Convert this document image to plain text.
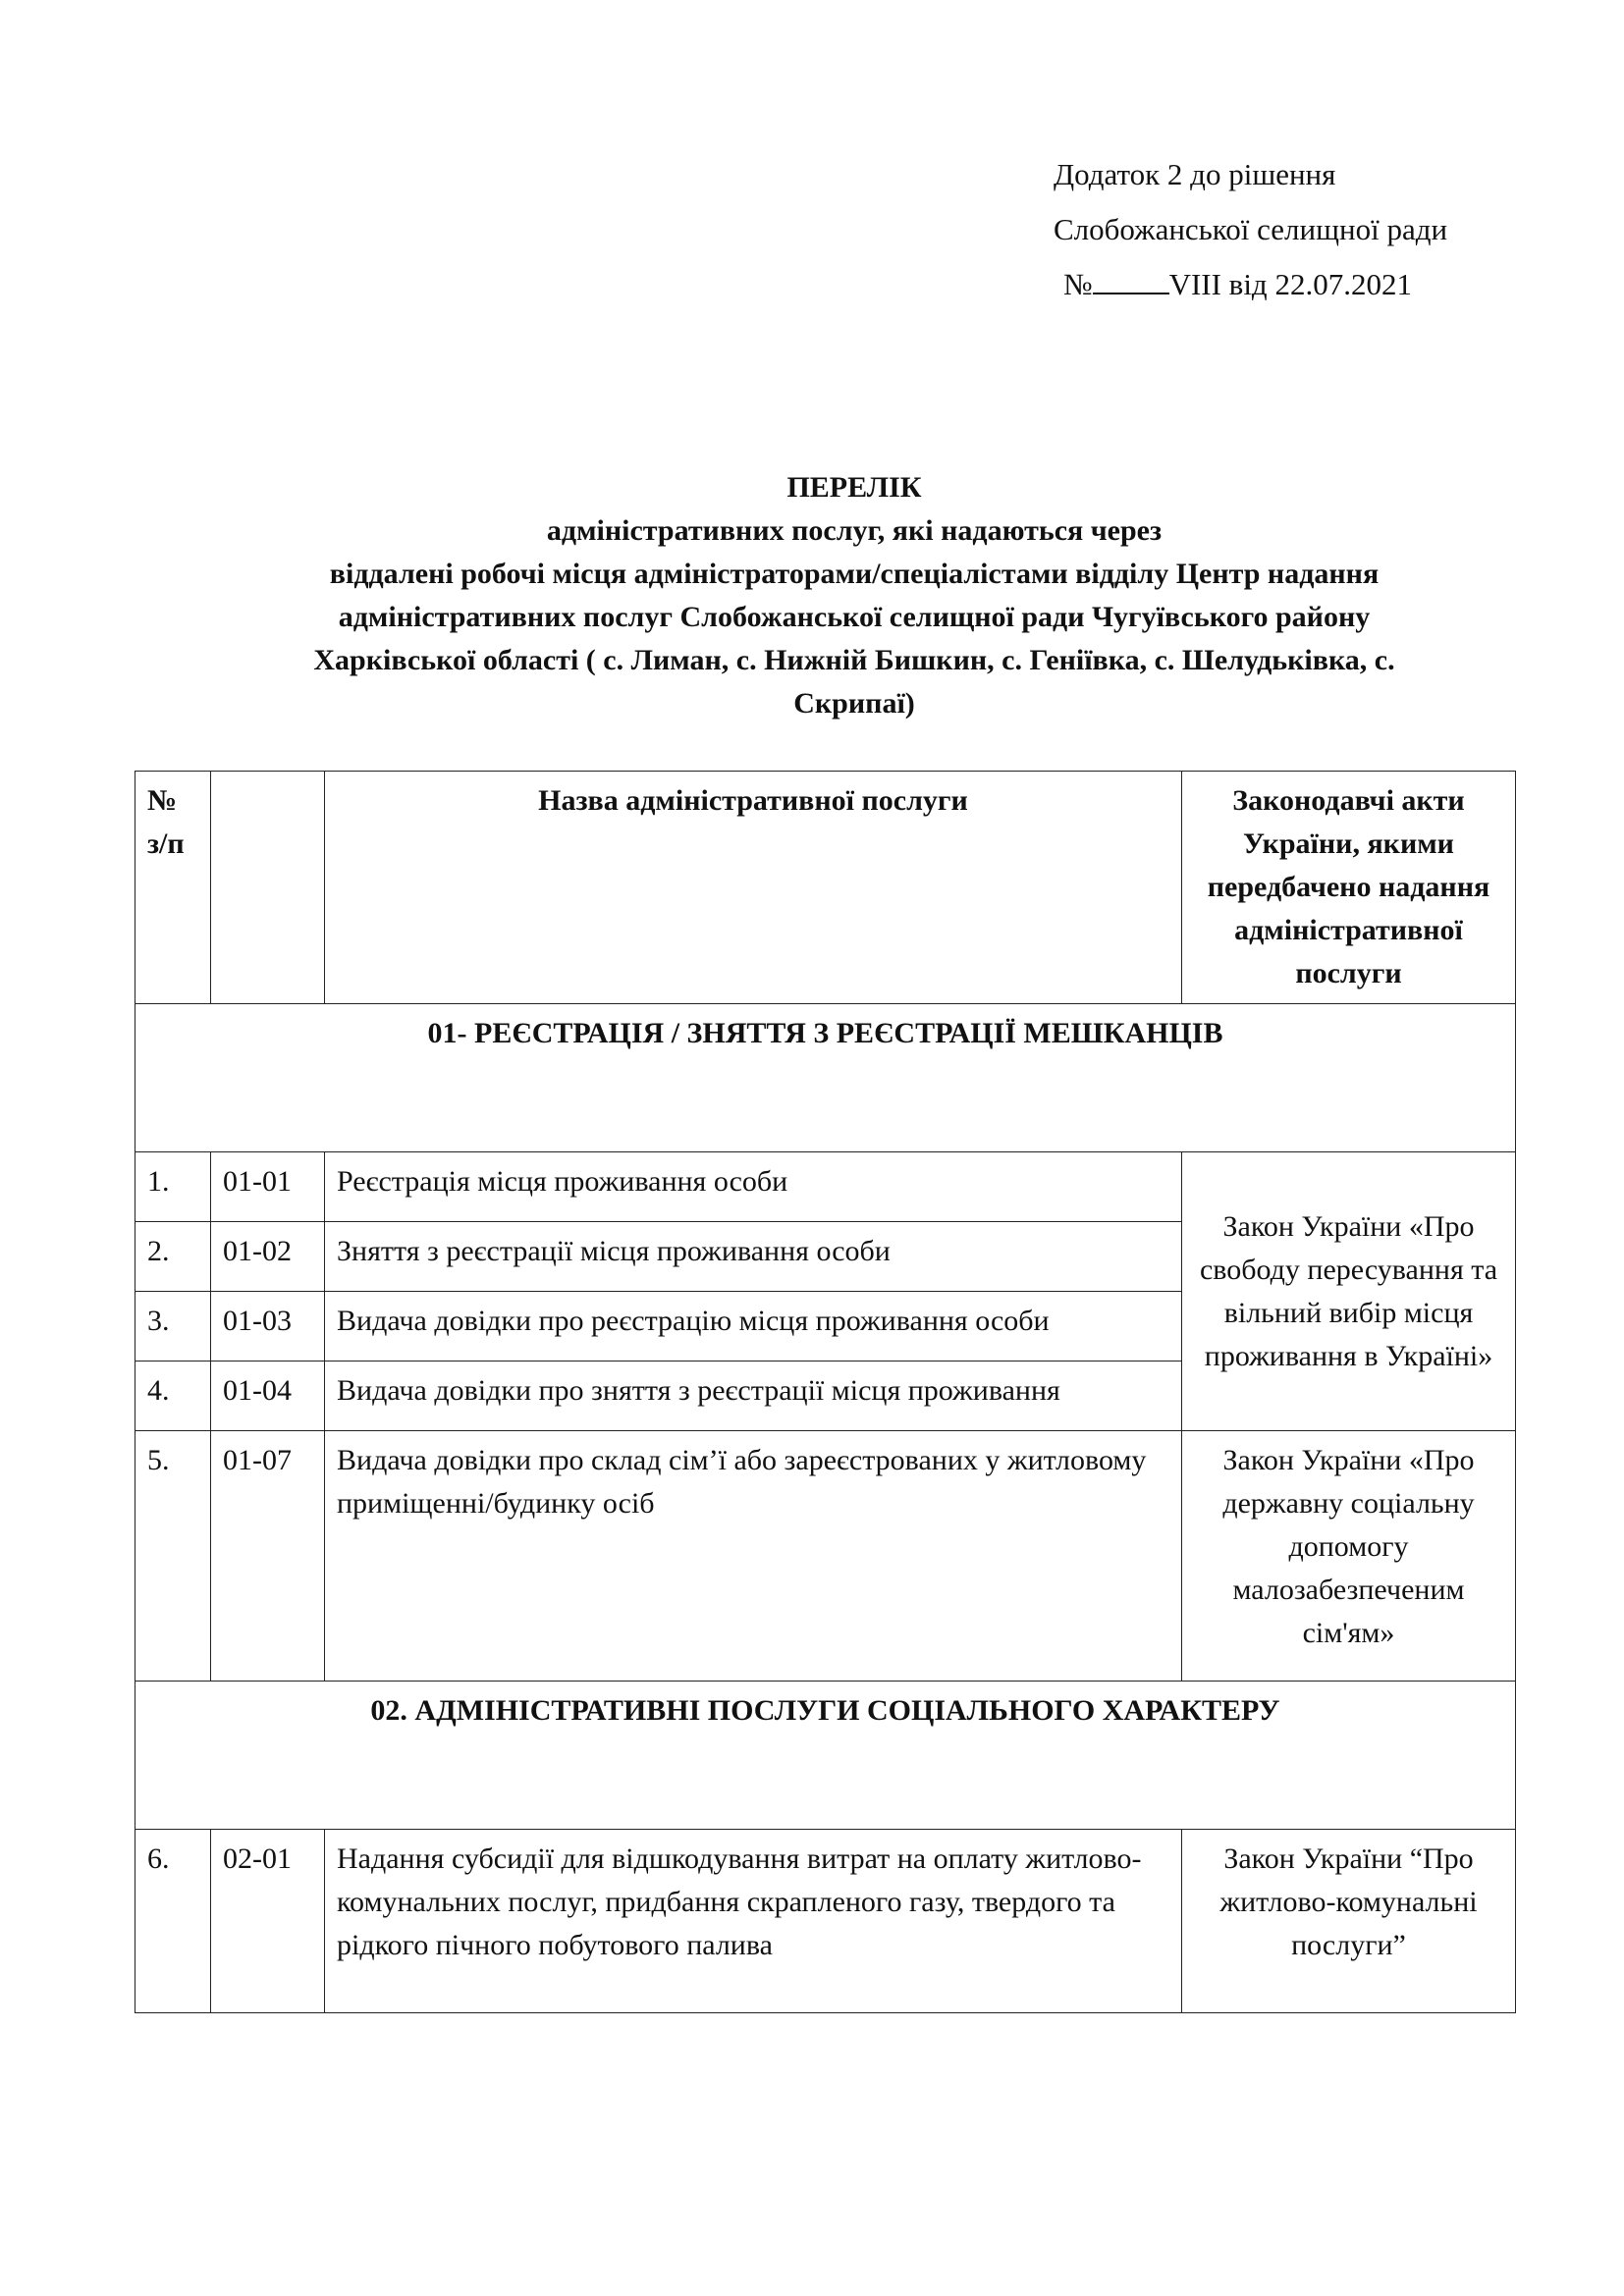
Додаток 2 до рішення
Слобожанської селищної ради
№	VIII від 22.07.2021
ПЕРЕЛІК
адміністративних послуг, які надаються через
віддалені робочі місця адміністраторами/спеціалістами відділу Центр надання
адміністративних послуг Слобожанської селищної ради Чугуївського району
Харківської області ( с. Лиман, с. Нижній Бишкин, с. Геніївка, с. Шелудьківка, с.
Скрипаї)
№ з/п		Назва адміністративної послуги	Законодавчі акти України, якими передбачено надання адміністративної послуги
01- РЕЄСТРАЦІЯ / ЗНЯТТЯ З РЕЄСТРАЦІЇ МЕШКАНЦІВ			
1.	01-01	Реєстрація місця проживання особи	Закон України «Про свободу пересування та вільний вибір місця проживання в Україні»
2.	01-02	Зняття з реєстрації місця проживання особи	
3.	01-03	Видача довідки про реєстрацію місця проживання особи	
4.	01-04	Видача довідки про зняття з реєстрації місця проживання	
5.	01-07	Видача довідки про склад сім’ї або зареєстрованих у житловому приміщенні/будинку осіб	Закон України «Про державну соціальну допомогу малозабезпеченим сім'ям»
02. АДМІНІСТРАТИВНІ ПОСЛУГИ СОЦІАЛЬНОГО ХАРАКТЕРУ			
6.	02-01	Надання субсидії для відшкодування витрат на оплату житлово-комунальних послуг, придбання скрапленого газу, твердого та рідкого пічного побутового палива	Закон України “Про житлово-комунальні послуги”
